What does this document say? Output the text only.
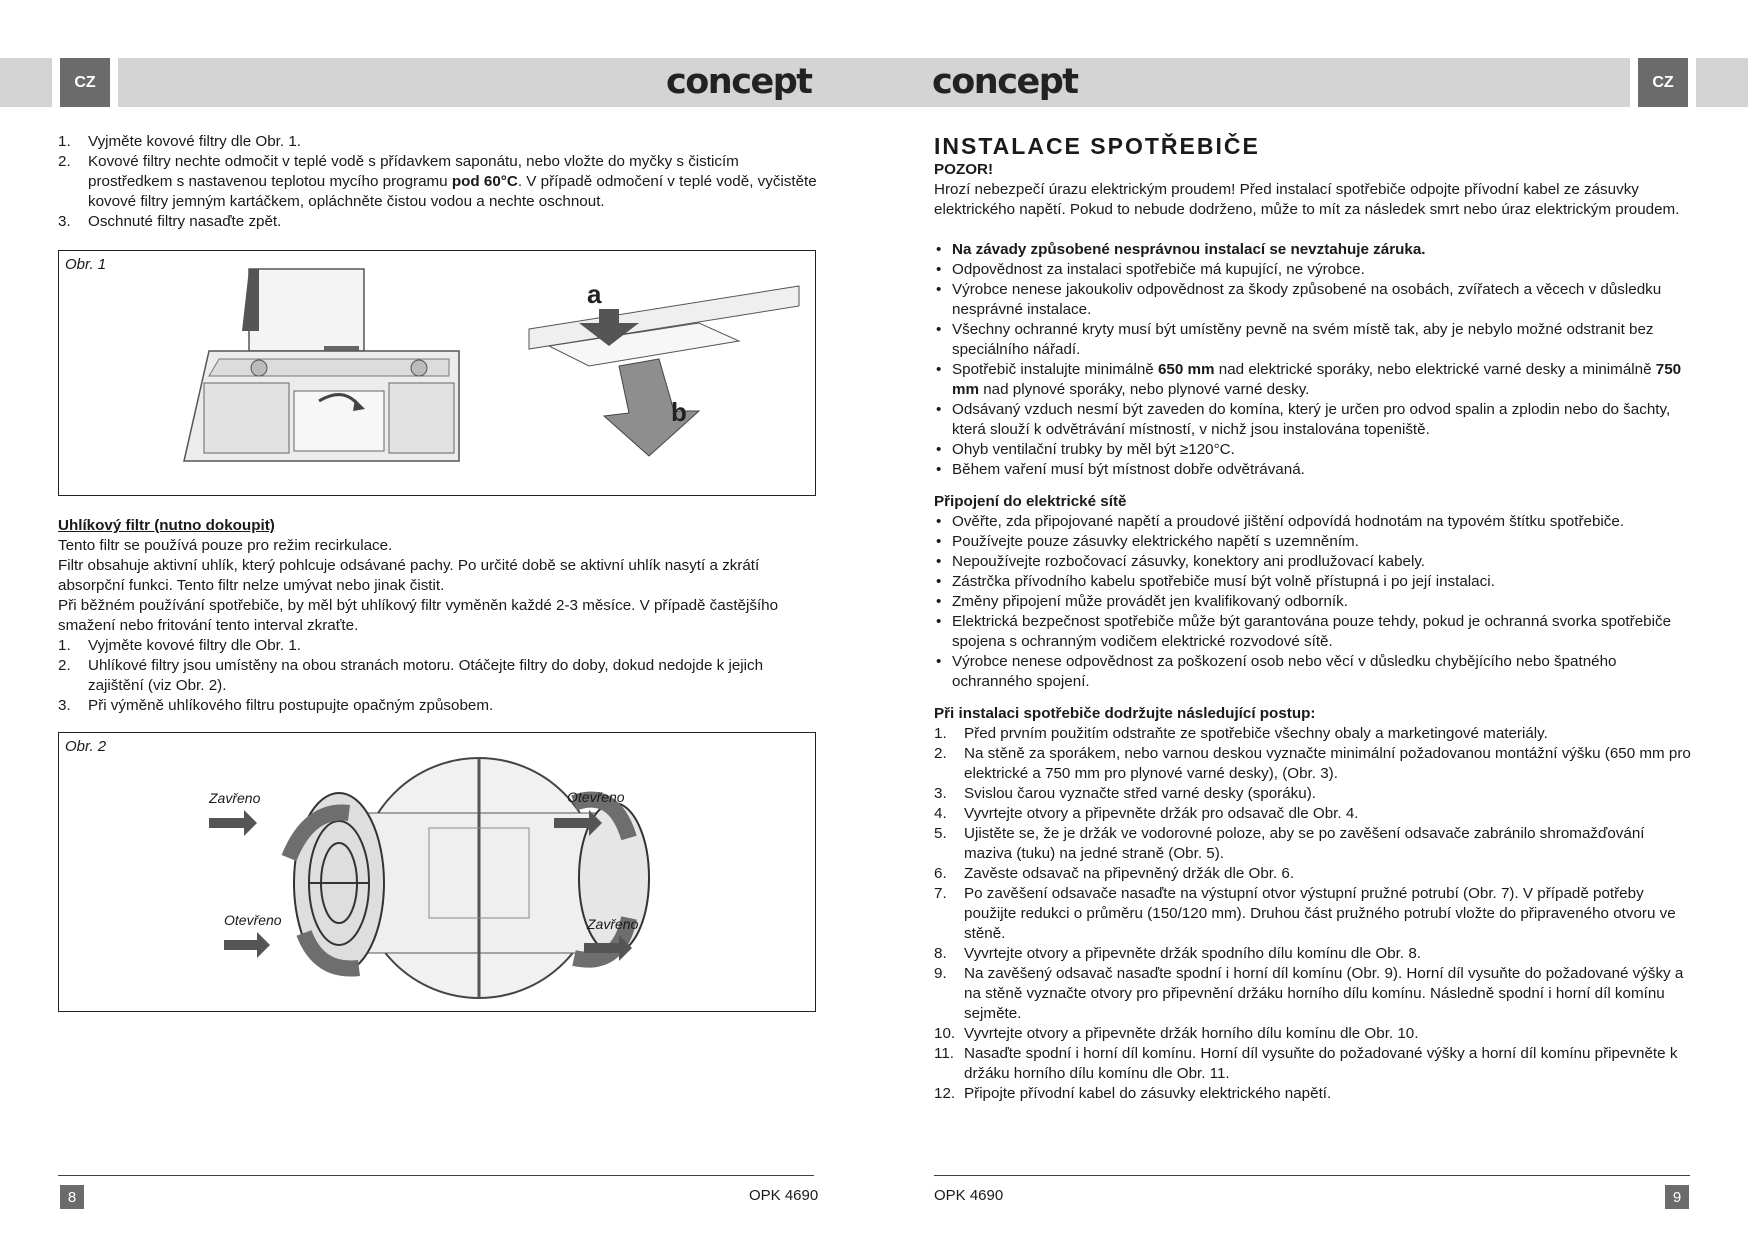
CZ	CZ
concept	concept
1. Vyjměte kovové filtry dle Obr. 1.
2. Kovové filtry nechte odmočit v teplé vodě s přídavkem saponátu, nebo vložte do myčky s čisticím prostředkem s nastavenou teplotou mycího programu pod 60°C. V případě odmočení v teplé vodě, vyčistěte kovové filtry jemným kartáčkem, opláchněte čistou vodou a nechte oschnout.
3. Oschnuté filtry nasaďte zpět.
Obr. 1
a
b
Uhlíkový filtr (nutno dokoupit)
Tento filtr se používá pouze pro režim recirkulace.
Filtr obsahuje aktivní uhlík, který pohlcuje odsávané pachy. Po určité době se aktivní uhlík nasytí a zkrátí absorpční funkci. Tento filtr nelze umývat nebo jinak čistit.
Při běžném používání spotřebiče, by měl být uhlíkový filtr vyměněn každé 2-3 měsíce. V případě častějšího smažení nebo fritování tento interval zkraťte.
1. Vyjměte kovové filtry dle Obr. 1.
2. Uhlíkové filtry jsou umístěny na obou stranách motoru. Otáčejte filtry do doby, dokud nedojde k jejich zajištění (viz Obr. 2).
3. Při výměně uhlíkového filtru postupujte opačným způsobem.
Obr. 2
Zavřeno	Otevřeno
Otevřeno	Zavřeno
INSTALACE SPOTŘEBIČE
POZOR!
Hrozí nebezpečí úrazu elektrickým proudem! Před instalací spotřebiče odpojte přívodní kabel ze zásuvky elektrického napětí. Pokud to nebude dodrženo, může to mít za následek smrt nebo úraz elektrickým proudem.
• Na závady způsobené nesprávnou instalací se nevztahuje záruka.
• Odpovědnost za instalaci spotřebiče má kupující, ne výrobce.
• Výrobce nenese jakoukoliv odpovědnost za škody způsobené na osobách, zvířatech a věcech v důsledku nesprávné instalace.
• Všechny ochranné kryty musí být umístěny pevně na svém místě tak, aby je nebylo možné odstranit bez speciálního nářadí.
• Spotřebič instalujte minimálně 650 mm nad elektrické sporáky, nebo elektrické varné desky a minimálně 750 mm nad plynové sporáky, nebo plynové varné desky.
• Odsávaný vzduch nesmí být zaveden do komína, který je určen pro odvod spalin a zplodin nebo do šachty, která slouží k odvětrávání místností, v nichž jsou instalována topeniště.
• Ohyb ventilační trubky by měl být ≥120°C.
• Během vaření musí být místnost dobře odvětrávaná.
Připojení do elektrické sítě
• Ověřte, zda připojované napětí a proudové jištění odpovídá hodnotám na typovém štítku spotřebiče.
• Používejte pouze zásuvky elektrického napětí s uzemněním.
• Nepoužívejte rozbočovací zásuvky, konektory ani prodlužovací kabely.
• Zástrčka přívodního kabelu spotřebiče musí být volně přístupná i po její instalaci.
• Změny připojení může provádět jen kvalifikovaný odborník.
• Elektrická bezpečnost spotřebiče může být garantována pouze tehdy, pokud je ochranná svorka spotřebiče spojena s ochranným vodičem elektrické rozvodové sítě.
• Výrobce nenese odpovědnost za poškození osob nebo věcí v důsledku chybějícího nebo špatného ochranného spojení.
Při instalaci spotřebiče dodržujte následující postup:
1. Před prvním použitím odstraňte ze spotřebiče všechny obaly a marketingové materiály.
2. Na stěně za sporákem, nebo varnou deskou vyznačte minimální požadovanou montážní výšku (650 mm pro elektrické a 750 mm pro plynové varné desky), (Obr. 3).
3. Svislou čarou vyznačte střed varné desky (sporáku).
4. Vyvrtejte otvory a připevněte držák pro odsavač dle Obr. 4.
5. Ujistěte se, že je držák ve vodorovné poloze, aby se po zavěšení odsavače zabránilo shromažďování maziva (tuku) na jedné straně (Obr. 5).
6. Zavěste odsavač na připevněný držák dle Obr. 6.
7. Po zavěšení odsavače nasaďte na výstupní otvor výstupní pružné potrubí (Obr. 7). V případě potřeby použijte redukci o průměru (150/120 mm). Druhou část pružného potrubí vložte do připraveného otvoru ve stěně.
8. Vyvrtejte otvory a připevněte držák spodního dílu komínu dle Obr. 8.
9. Na zavěšený odsavač nasaďte spodní i horní díl komínu (Obr. 9). Horní díl vysuňte do požadované výšky a na stěně vyznačte otvory pro připevnění držáku horního dílu komínu. Následně spodní i horní díl komínu sejměte.
10. Vyvrtejte otvory a připevněte držák horního dílu komínu dle Obr. 10.
11. Nasaďte spodní i horní díl komínu. Horní díl vysuňte do požadované výšky a horní díl komínu připevněte k držáku horního dílu komínu dle Obr. 11.
12. Připojte přívodní kabel do zásuvky elektrického napětí.
8	OPK 4690	OPK 4690	9
